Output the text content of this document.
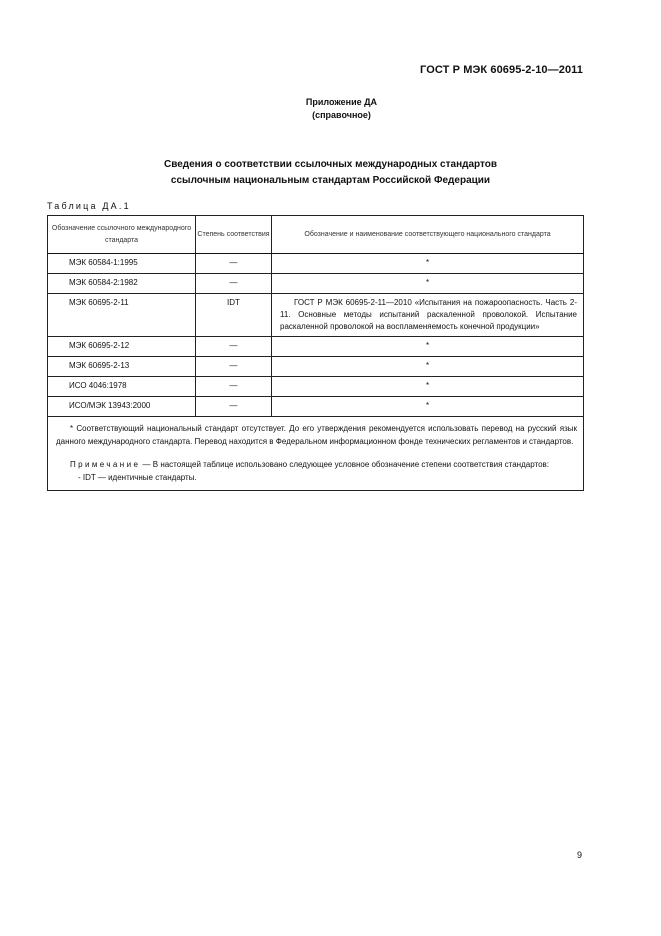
ГОСТ Р МЭК 60695-2-10—2011
Приложение ДА
(справочное)
Сведения о соответствии ссылочных международных стандартов
ссылочным национальным стандартам Российской Федерации
Таблица ДА.1
Обозначение ссылочного международного стандарта	Степень соответствия	Обозначение и наименование соответствующего национального стандарта
МЭК 60584-1:1995	—	*
МЭК 60584-2:1982	—	*
МЭК 60695-2-11	IDT	ГОСТ Р МЭК 60695-2-11—2010 «Испытания на пожароопасность. Часть 2-11. Основные методы испытаний раскаленной проволокой. Испытание раскаленной проволокой на воспламеняемость конечной продукции»
МЭК 60695-2-12	—	*
МЭК 60695-2-13	—	*
ИСО 4046:1978	—	*
ИСО/МЭК 13943:2000	—	*

* Соответствующий национальный стандарт отсутствует. До его утверждения рекомендуется использовать перевод на русский язык данного международного стандарта. Перевод находится в Федеральном информационном фонде технических регламентов и стандартов.

Примечание — В настоящей таблице использовано следующее условное обозначение степени соответствия стандартов:

- IDT — идентичные стандарты.		

9
